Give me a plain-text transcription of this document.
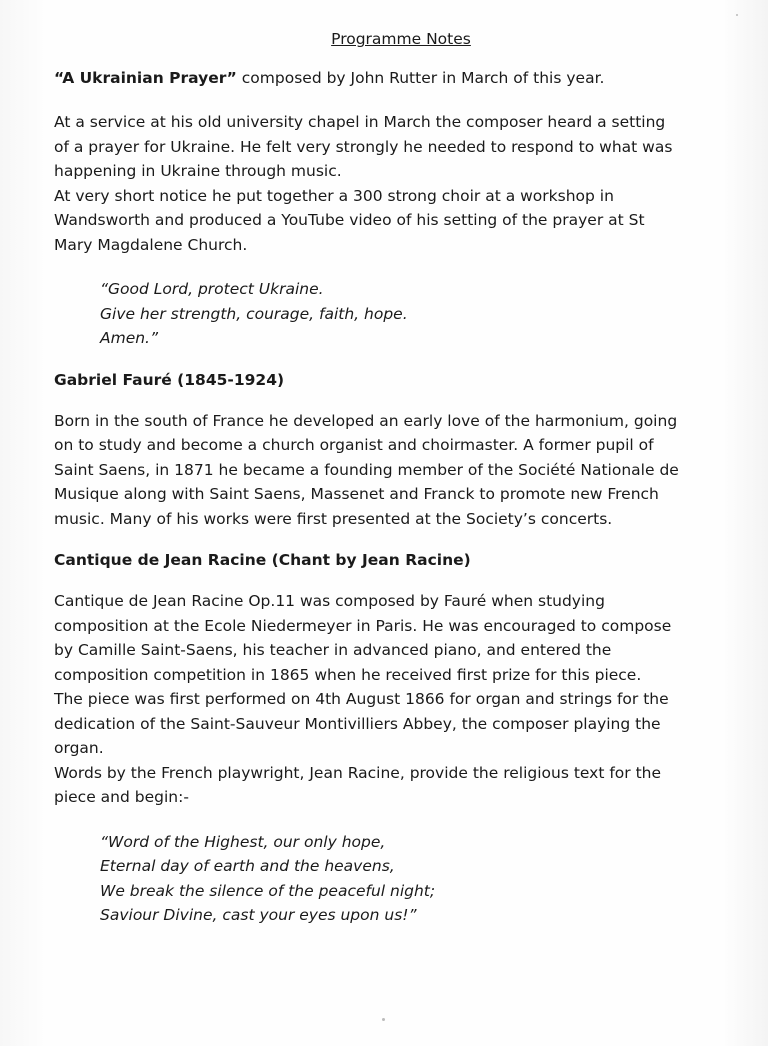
Programme Notes

“A Ukrainian Prayer” composed by John Rutter in March of this year.

At a service at his old university chapel in March the composer heard a setting

of a prayer for Ukraine. He felt very strongly he needed to respond to what was

happening in Ukraine through music.

At very short notice he put together a 300 strong choir at a workshop in

Wandsworth and produced a YouTube video of his setting of the prayer at St

Mary Magdalene Church.

“Good Lord, protect Ukraine.

Give her strength, courage, faith, hope.

Amen.”

Gabriel Fauré (1845-1924)

Born in the south of France he developed an early love of the harmonium, going

on to study and become a church organist and choirmaster. A former pupil of

Saint Saens, in 1871 he became a founding member of the Société Nationale de

Musique along with Saint Saens, Massenet and Franck to promote new French

music. Many of his works were first presented at the Society’s concerts.

Cantique de Jean Racine (Chant by Jean Racine)

Cantique de Jean Racine Op.11 was composed by Fauré when studying

composition at the Ecole Niedermeyer in Paris. He was encouraged to compose

by Camille Saint-Saens, his teacher in advanced piano, and entered the

composition competition in 1865 when he received first prize for this piece.

The piece was first performed on 4th August 1866 for organ and strings for the

dedication of the Saint-Sauveur Montivilliers Abbey, the composer playing the

organ.

Words by the French playwright, Jean Racine, provide the religious text for the

piece and begin:-

“Word of the Highest, our only hope,

Eternal day of earth and the heavens,

We break the silence of the peaceful night;

Saviour Divine, cast your eyes upon us!”
